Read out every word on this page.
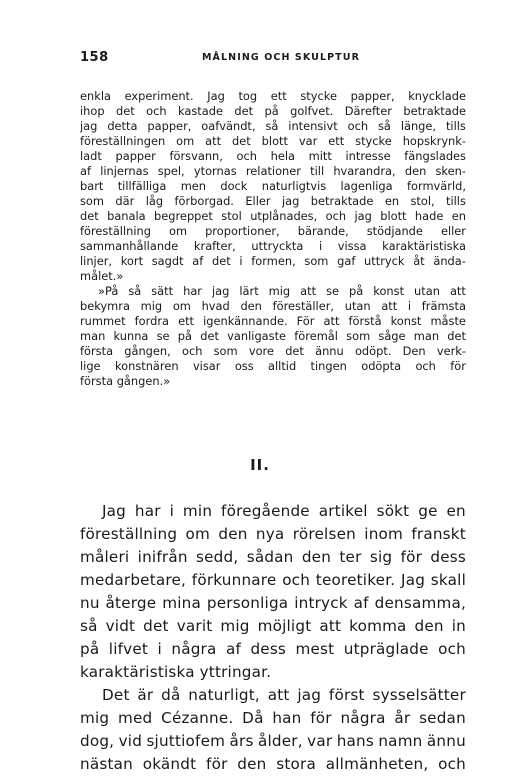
158	MÅLNING OCH SKULPTUR
enkla experiment. Jag tog ett stycke papper, knycklade
ihop det och kastade det på golfvet. Därefter betraktade
jag detta papper, oafvändt, så intensivt och så länge, tills
föreställningen om att det blott var ett stycke hopskrynk-
ladt papper försvann, och hela mitt intresse fängslades
af linjernas spel, ytornas relationer till hvarandra, den sken-
bart tillfälliga men dock naturligtvis lagenliga formvärld,
som där låg förborgad. Eller jag betraktade en stol, tills
det banala begreppet stol utplånades, och jag blott hade en
föreställning om proportioner, bärande, stödjande eller
sammanhållande krafter, uttryckta i vissa karaktäristiska
linjer, kort sagdt af det i formen, som gaf uttryck åt ända-
målet.»
»På så sätt har jag lärt mig att se på konst utan att
bekymra mig om hvad den föreställer, utan att i främsta
rummet fordra ett igenkännande. För att förstå konst måste
man kunna se på det vanligaste föremål som såge man det
första gången, och som vore det ännu odöpt. Den verk-
lige konstnären visar oss alltid tingen odöpta och för
första gången.»
II.
Jag har i min föregående artikel sökt ge en
föreställning om den nya rörelsen inom franskt
måleri inifrån sedd, sådan den ter sig för dess
medarbetare, förkunnare och teoretiker. Jag skall
nu återge mina personliga intryck af densamma,
så vidt det varit mig möjligt att komma den in
på lifvet i några af dess mest utpräglade och
karaktäristiska yttringar.
Det är då naturligt, att jag först sysselsätter
mig med Cézanne. Då han för några år sedan
dog, vid sjuttiofem års ålder, var hans namn ännu
nästan okändt för den stora allmänheten, och
